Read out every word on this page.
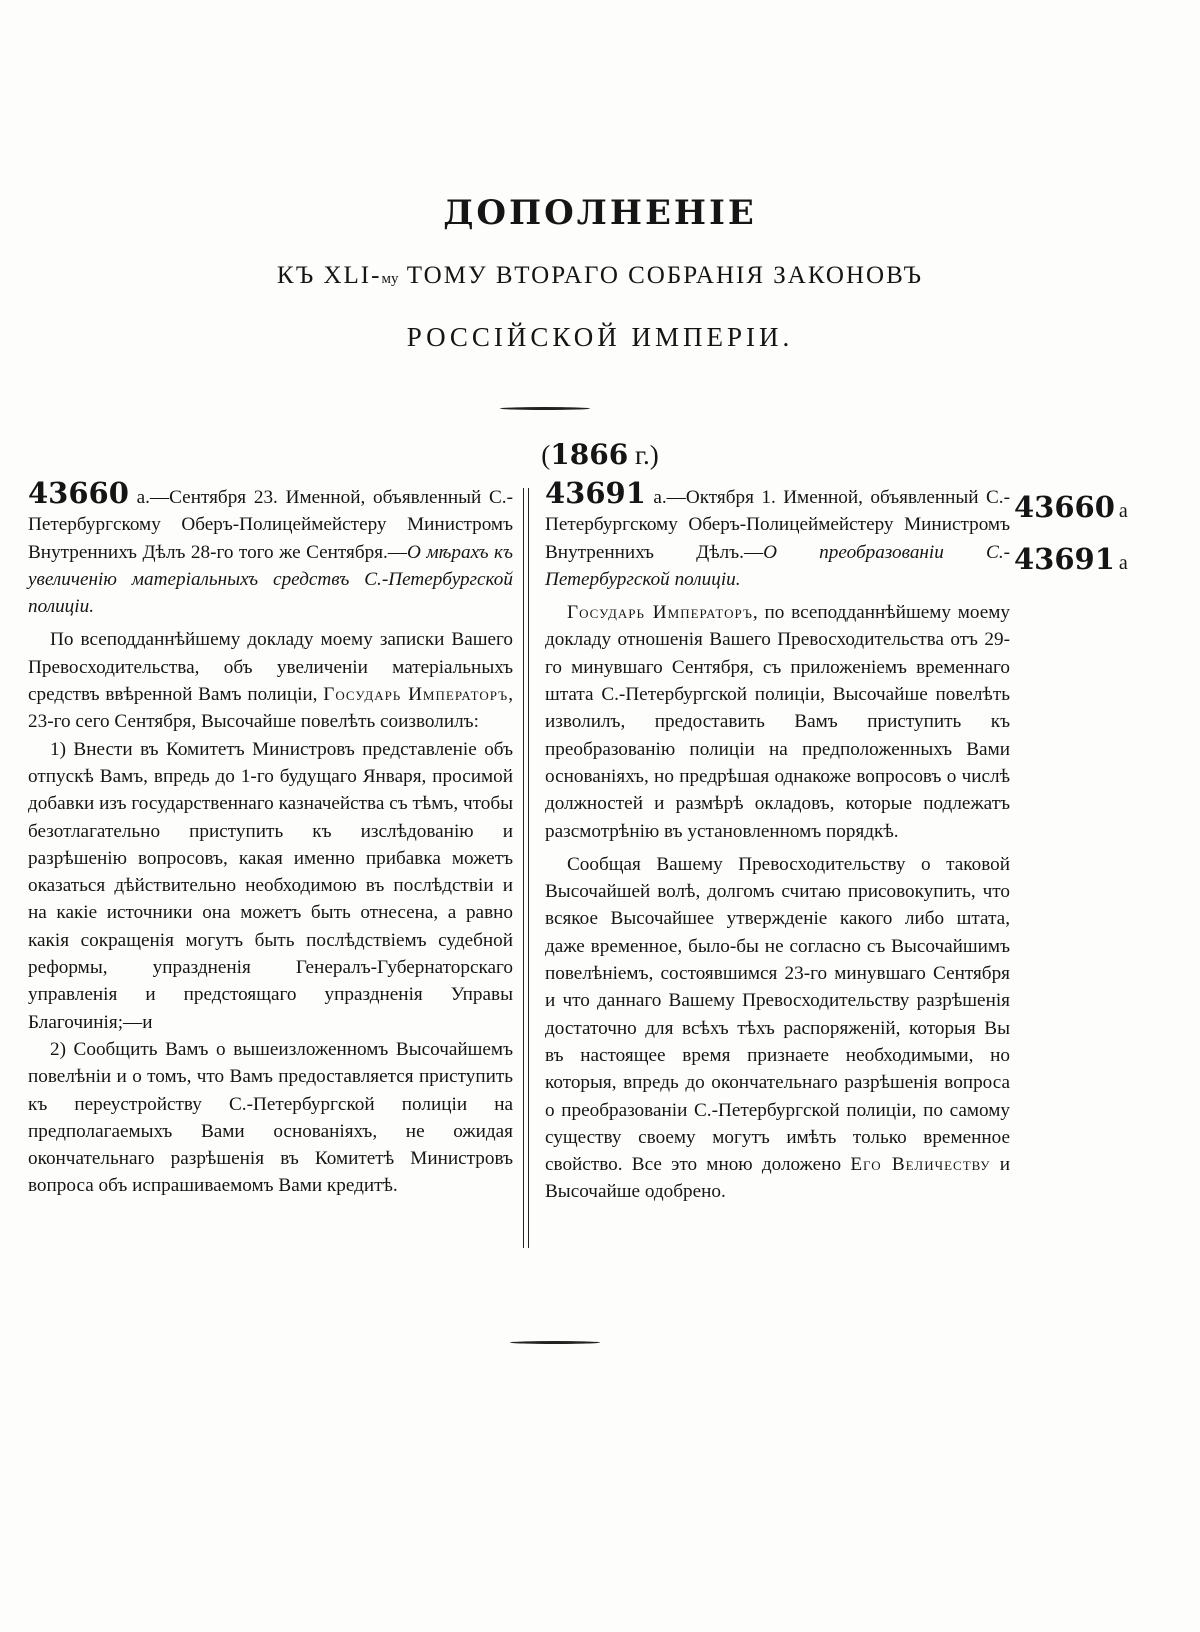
ДОПОЛНЕНІЕ
КЪ XLI-му ТОМУ ВТОРАГО СОБРАНІЯ ЗАКОНОВЪ
РОССІЙСКОЙ ИМПЕРІИ.
(1866 г.)

43660 а.—Сентября 23. Именной, объявленный С.-Петербургскому Оберъ-Полицеймейстеру Министромъ Внутреннихъ Дѣлъ 28-го того же Сентября.—О мѣрахъ къ увеличенію матеріальныхъ средствъ С.-Петербургской полиціи.

По всеподданнѣйшему докладу моему записки Вашего Превосходительства, объ увеличеніи матеріальныхъ средствъ ввѣренной Вамъ полиціи, Государь Императоръ, 23-го сего Сентября, Высочайше повелѣть соизволилъ:

1) Внести въ Комитетъ Министровъ представленіе объ отпускѣ Вамъ, впредь до 1-го будущаго Января, просимой добавки изъ государственнаго казначейства съ тѣмъ, чтобы безотлагательно приступить къ изслѣдованію и разрѣшенію вопросовъ, какая именно прибавка можетъ оказаться дѣйствительно необходимою въ послѣдствіи и на какіе источники она можетъ быть отнесена, а равно какія сокращенія могутъ быть послѣдствіемъ судебной реформы, упраздненія Генералъ-Губернаторскаго управленія и предстоящаго упраздненія Управы Благочинія;—и

2) Сообщить Вамъ о вышеизложенномъ Высочайшемъ повелѣніи и о томъ, что Вамъ предоставляется приступить къ переустройству С.-Петербургской полиціи на предполагаемыхъ Вами основаніяхъ, не ожидая окончательнаго разрѣшенія въ Комитетѣ Министровъ вопроса объ испрашиваемомъ Вами кредитѣ.

43691 а.—Октября 1. Именной, объявленный С.-Петербургскому Оберъ-Полицеймейстеру Министромъ Внутреннихъ Дѣлъ.—О преобразованіи С.-Петербургской полиціи.

Государь Императоръ, по всеподданнѣйшему моему докладу отношенія Вашего Превосходительства отъ 29-го минувшаго Сентября, съ приложеніемъ временнаго штата С.-Петербургской полиціи, Высочайше повелѣть изволилъ, предоставить Вамъ приступить къ преобразованію полиціи на предположенныхъ Вами основаніяхъ, но предрѣшая однакоже вопросовъ о числѣ должностей и размѣрѣ окладовъ, которые подлежатъ разсмотрѣнію въ установленномъ порядкѣ.

Сообщая Вашему Превосходительству о таковой Высочайшей волѣ, долгомъ считаю присовокупить, что всякое Высочайшее утвержденіе какого либо штата, даже временное, было-бы не согласно съ Высочайшимъ повелѣніемъ, состоявшимся 23-го минувшаго Сентября и что даннаго Вашему Превосходительству разрѣшенія достаточно для всѣхъ тѣхъ распоряженій, которыя Вы въ настоящее время признаете необходимыми, но которыя, впредь до окончательнаго разрѣшенія вопроса о преобразованіи С.-Петербургской полиціи, по самому существу своему могутъ имѣть только временное свойство. Все это мною доложено Его Величеству и Высочайше одобрено.

43660 а
43691 а
